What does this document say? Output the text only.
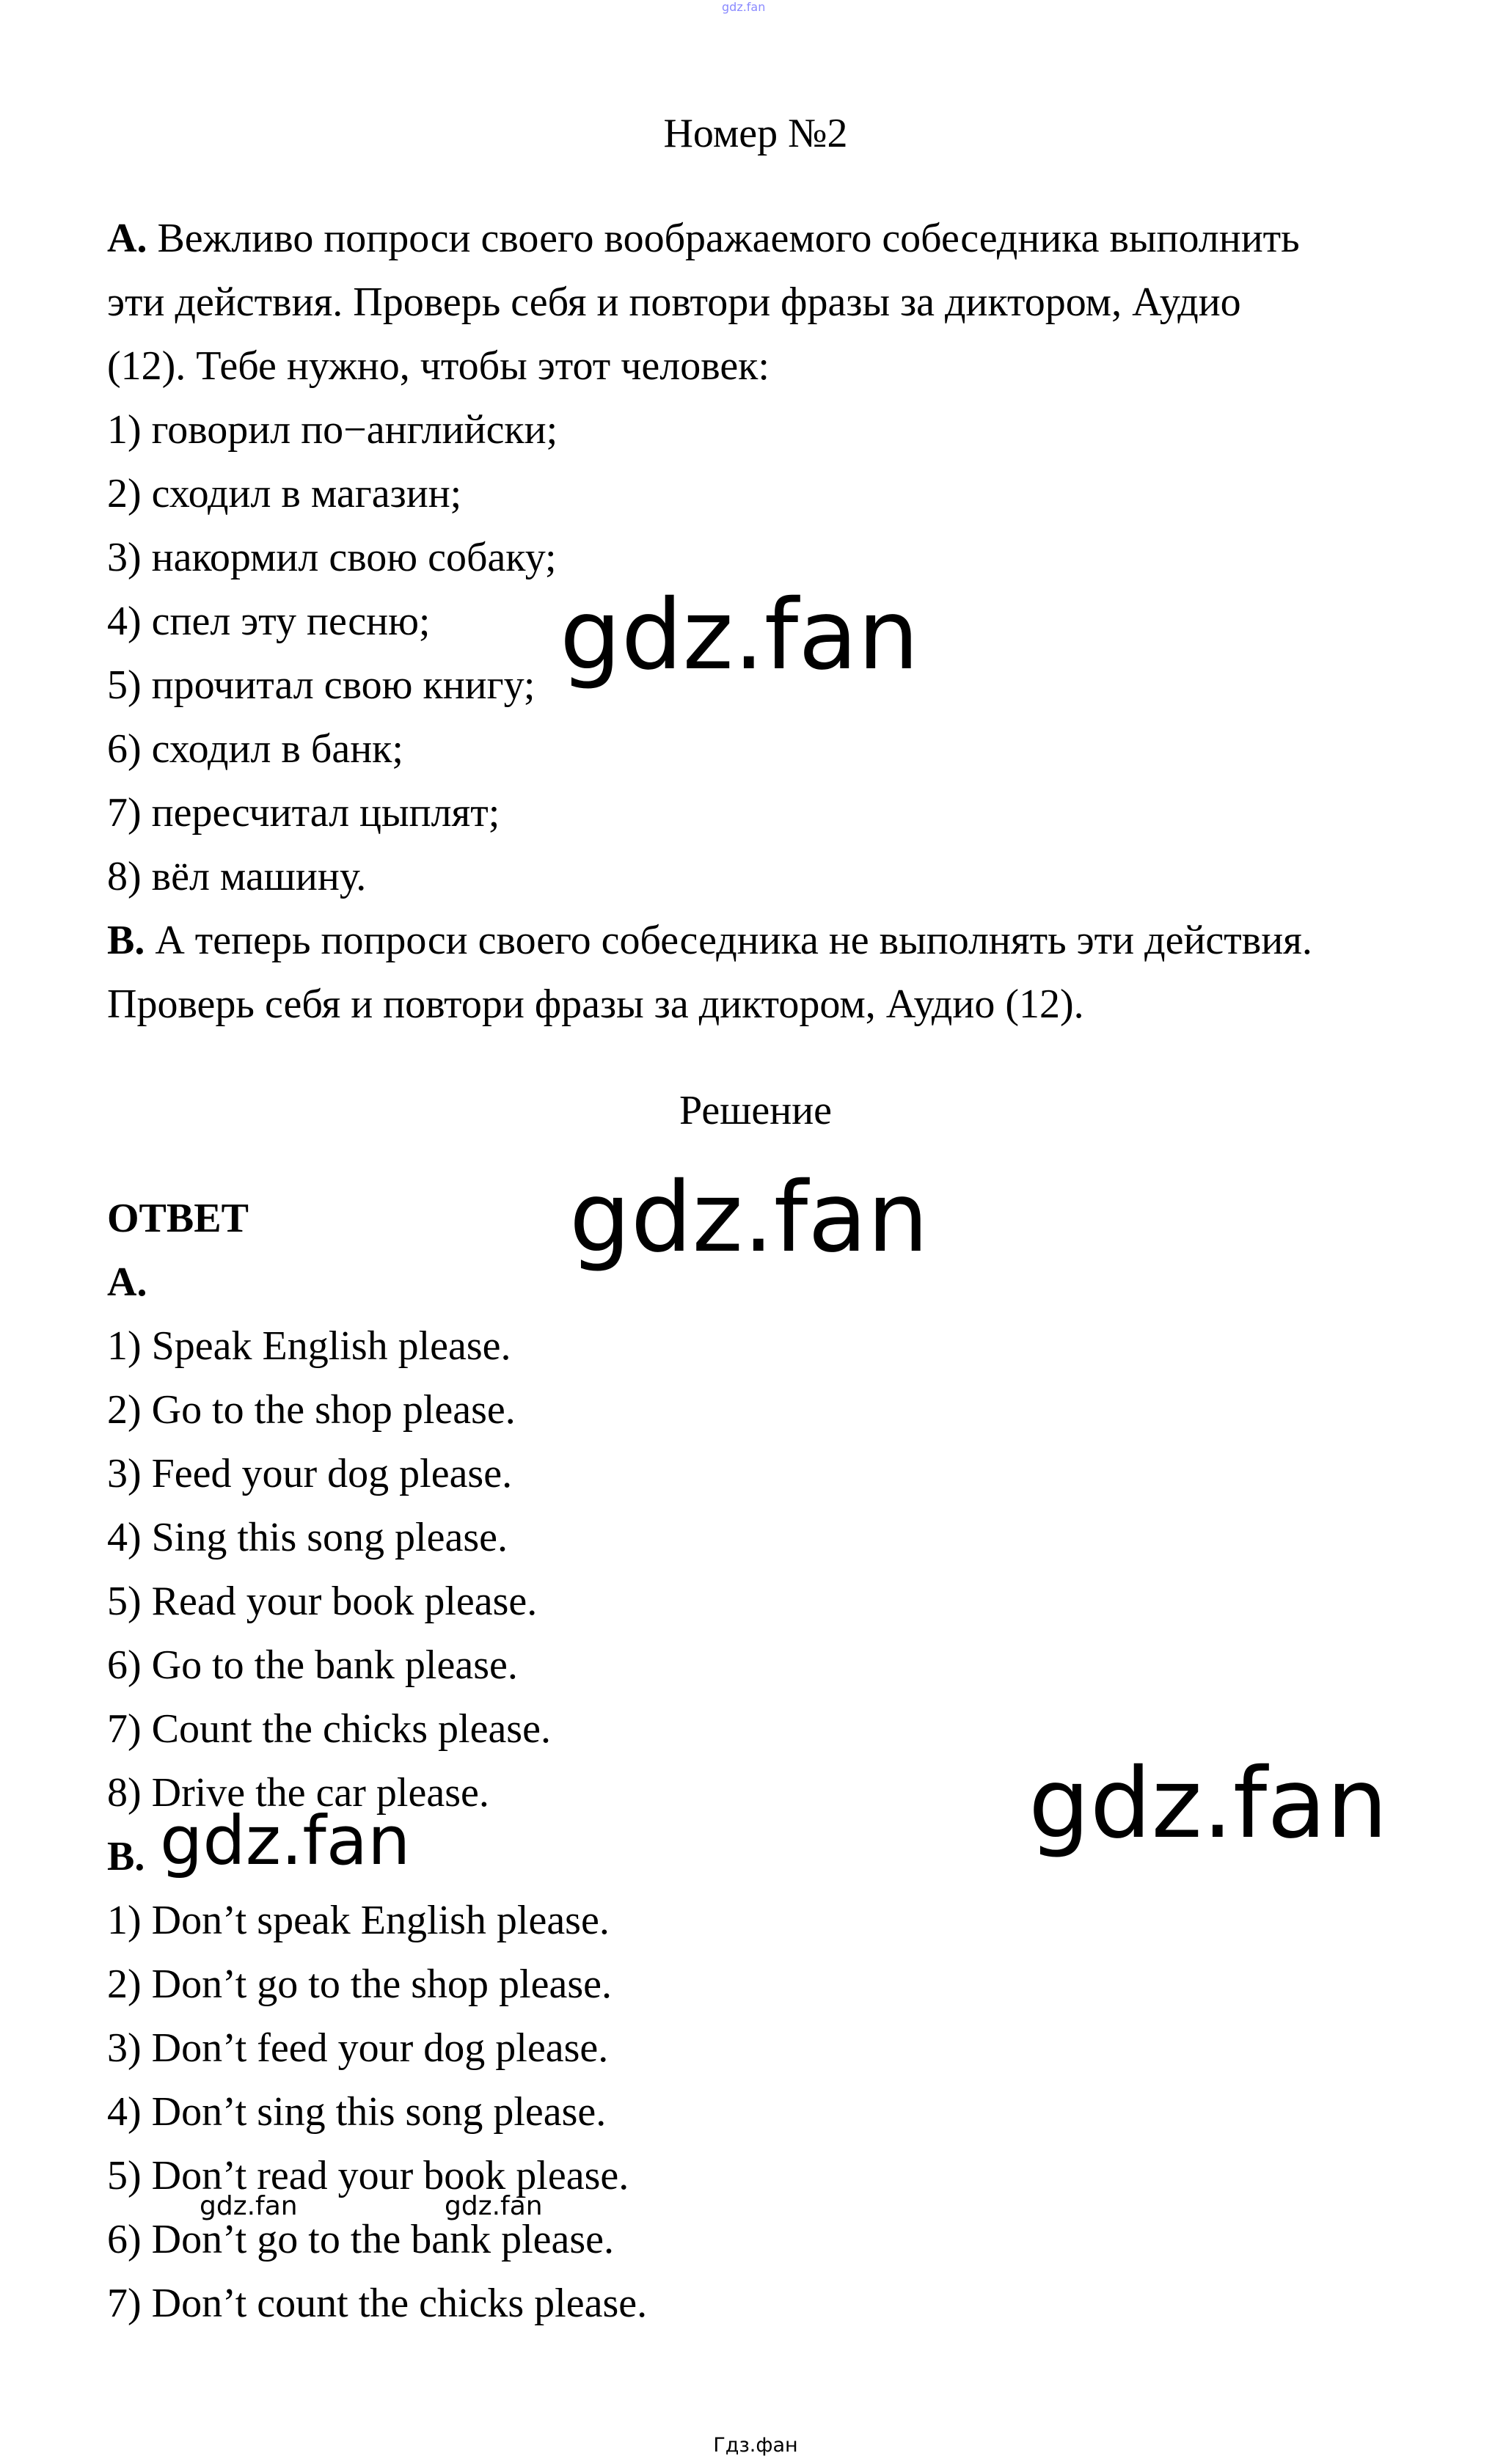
gdz.fan
Номер №2
A. Вежливо попроси своего воображаемого собеседника выполнить
эти действия. Проверь себя и повтори фразы за диктором, Аудио
(12). Тебе нужно, чтобы этот человек:
1) говорил по−английски;
2) сходил в магазин;
3) накормил свою собаку;
4) спел эту песню;
5) прочитал свою книгу;
6) сходил в банк;
7) пересчитал цыплят;
8) вёл машину.
B. А теперь попроси своего собеседника не выполнять эти действия.
Проверь себя и повтори фразы за диктором, Аудио (12).
Решение
ОТВЕТ
A.
1) Speak English please.
2) Go to the shop please.
3) Feed your dog please.
4) Sing this song please.
5) Read your book please.
6) Go to the bank please.
7) Count the chicks please.
8) Drive the car please.
B.
1) Don’t speak English please.
2) Don’t go to the shop please.
3) Don’t feed your dog please.
4) Don’t sing this song please.
5) Don’t read your book please.
6) Don’t go to the bank please.
7) Don’t count the chicks please.
gdz.fan
gdz.fan
gdz.fan
gdz.fan
gdz.fan	gdz.fan
Гдз.фан
